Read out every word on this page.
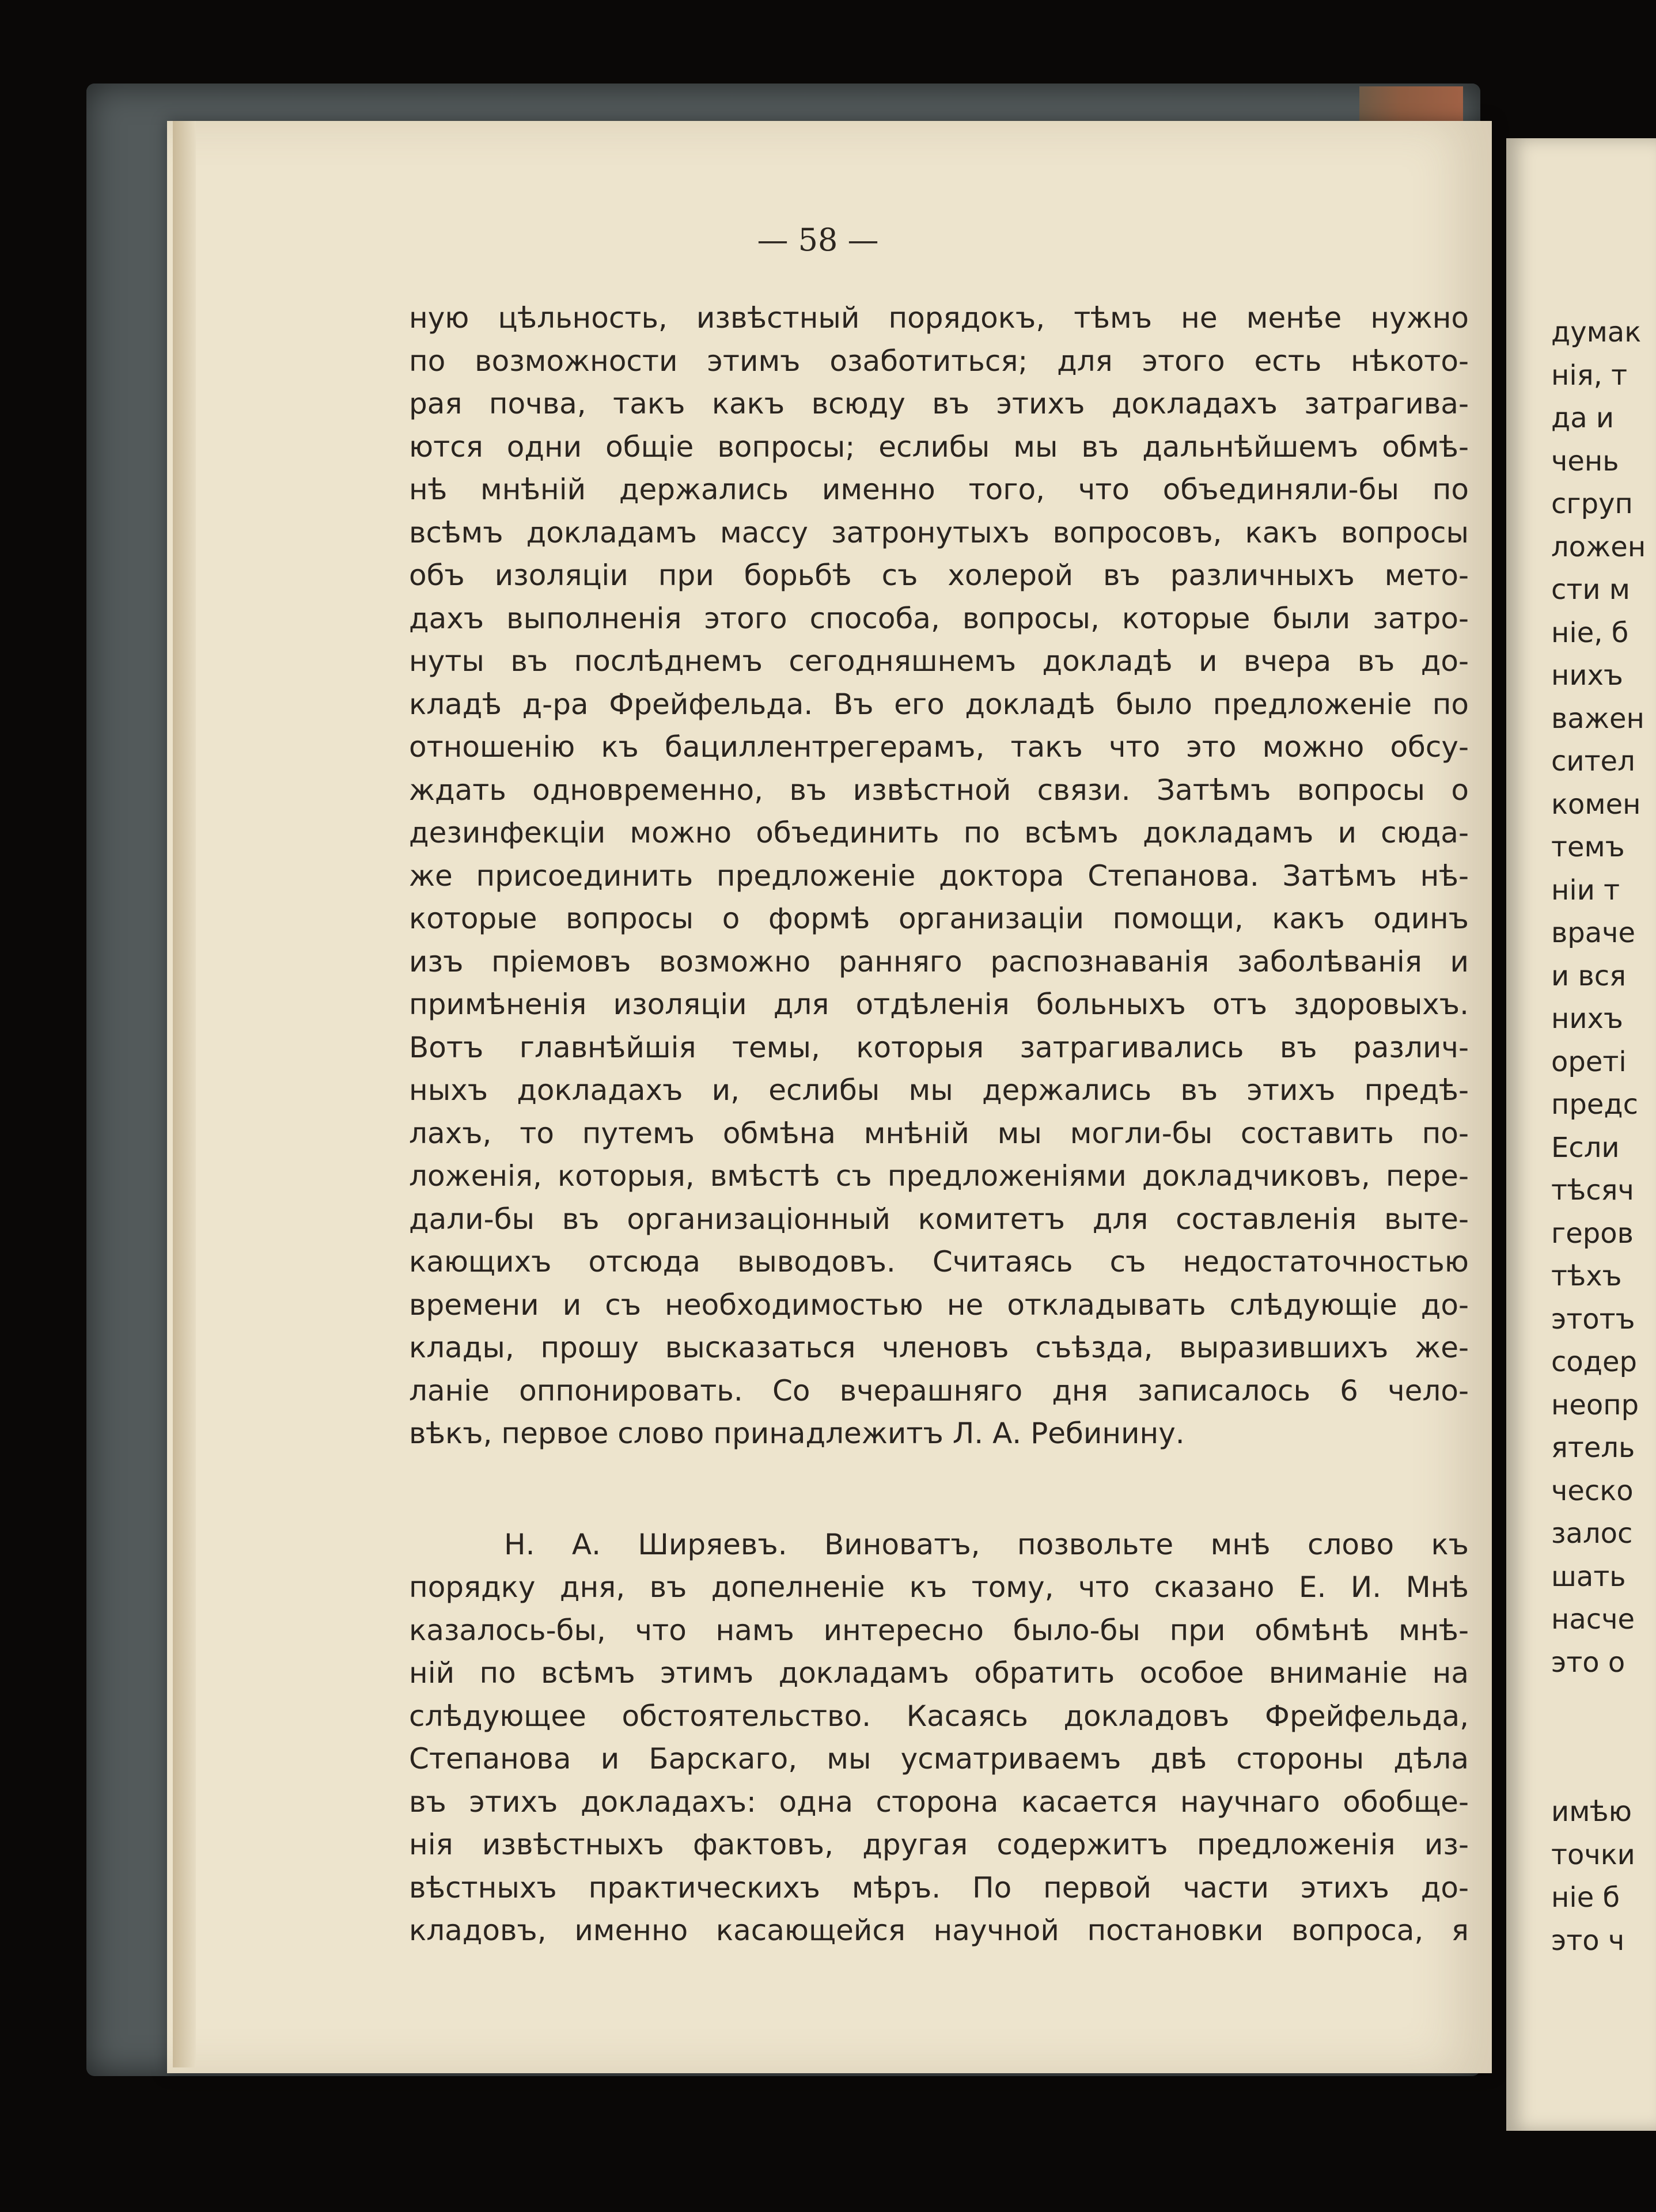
думак
нія, т
да и
чень
сгруп
ложен
сти м
ніе, б
нихъ
важен
сител
комен
темъ
ніи т
враче
и вся
нихъ
ореті
предс
Если
тѣсяч
геров
тѣхъ
этотъ
содер
неопр
ятель
ческо
залос
шать
насче
это о
имѣю
точки
ніе б
это ч
— 58 —
ную цѣльность, извѣстный порядокъ, тѣмъ не менѣе нужно
по возможности этимъ озаботиться; для этого есть нѣкото-
рая почва, такъ какъ всюду въ этихъ докладахъ затрагива-
ются одни общіе вопросы; еслибы мы въ дальнѣйшемъ обмѣ-
нѣ мнѣній держались именно того, что объединяли-бы по
всѣмъ докладамъ массу затронутыхъ вопросовъ, какъ вопросы
объ изоляціи при борьбѣ съ холерой въ различныхъ мето-
дахъ выполненія этого способа, вопросы, которые были затро-
нуты въ послѣднемъ сегодняшнемъ докладѣ и вчера въ до-
кладѣ д-ра Фрейфельда. Въ его докладѣ было предложеніе по
отношенію къ бациллентрегерамъ, такъ что это можно обсу-
ждать одновременно, въ извѣстной связи. Затѣмъ вопросы о
дезинфекціи можно объединить по всѣмъ докладамъ и сюда-
же присоединить предложеніе доктора Степанова. Затѣмъ нѣ-
которые вопросы о формѣ организаціи помощи, какъ одинъ
изъ пріемовъ возможно ранняго распознаванія заболѣванія и
примѣненія изоляціи для отдѣленія больныхъ отъ здоровыхъ.
Вотъ главнѣйшія темы, которыя затрагивались въ различ-
ныхъ докладахъ и, еслибы мы держались въ этихъ предѣ-
лахъ, то путемъ обмѣна мнѣній мы могли-бы составить по-
ложенія, которыя, вмѣстѣ съ предложеніями докладчиковъ, пере-
дали-бы въ организаціонный комитетъ для составленія выте-
кающихъ отсюда выводовъ. Считаясь съ недостаточностью
времени и съ необходимостью не откладывать слѣдующіе до-
клады, прошу высказаться членовъ съѣзда, выразившихъ же-
ланіе оппонировать. Со вчерашняго дня записалось 6 чело-
вѣкъ, первое слово принадлежитъ Л. А. Ребинину.
Н. А. Ширяевъ. Виноватъ, позвольте мнѣ слово къ
порядку дня, въ допелненіе къ тому, что сказано Е. И. Мнѣ
казалось-бы, что намъ интересно было-бы при обмѣнѣ мнѣ-
ній по всѣмъ этимъ докладамъ обратить особое вниманіе на
слѣдующее обстоятельство. Касаясь докладовъ Фрейфельда,
Степанова и Барскаго, мы усматриваемъ двѣ стороны дѣла
въ этихъ докладахъ: одна сторона касается научнаго обобще-
нія извѣстныхъ фактовъ, другая содержитъ предложенія из-
вѣстныхъ практическихъ мѣръ. По первой части этихъ до-
кладовъ, именно касающейся научной постановки вопроса, я
